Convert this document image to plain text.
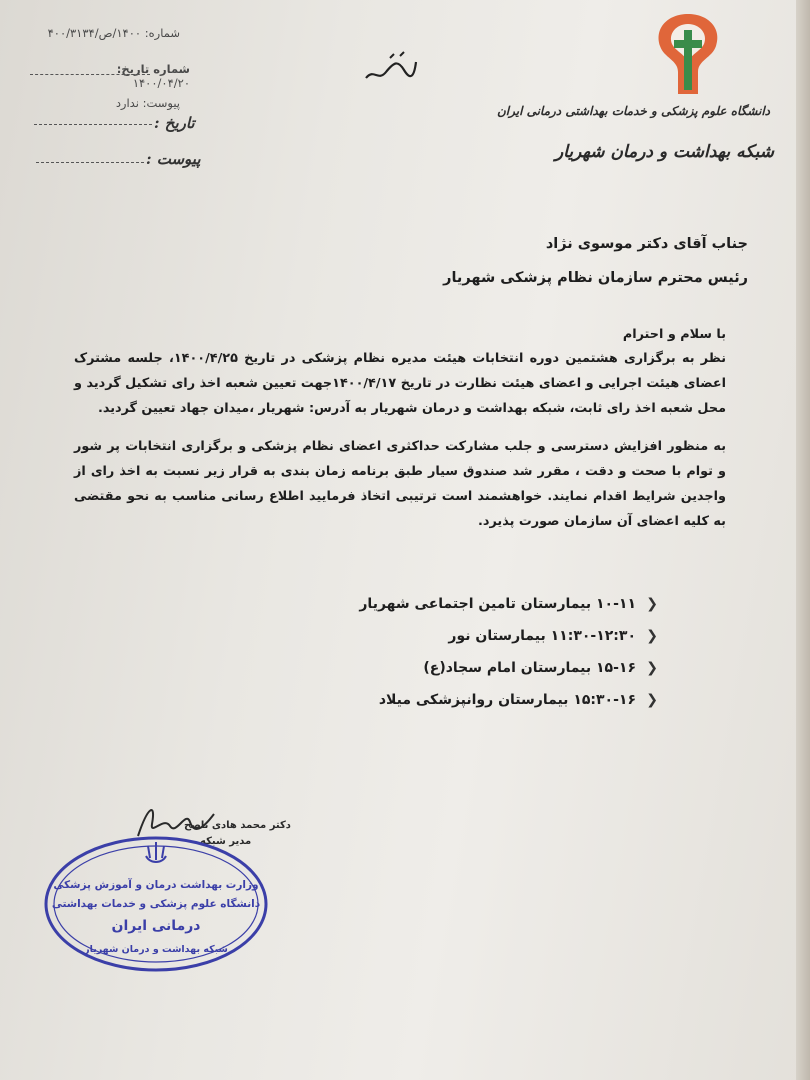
شماره: ۱۴۰۰/ص/۴۰۰/۳۱۳۴
شماره تاریخ: ۱۴۰۰/۰۴/۲۰
پیوست: ندارد
تاریخ :
پیوست :
دانشگاه علوم پزشکی و خدمات بهداشتی درمانی ایران
شبکه بهداشت و درمان شهریار
جناب آقای دکتر موسوی نژاد
رئیس محترم سازمان نظام پزشکی شهریار

با سلام و احترام

نظر به برگزاری هشتمین دوره انتخابات هیئت مدیره نظام پزشکی در تاریخ ۱۴۰۰/۴/۲۵، جلسه مشترک اعضای هیئت اجرایی و اعضای هیئت نظارت در تاریخ ۱۴۰۰/۴/۱۷جهت تعیین شعبه اخذ رای تشکیل گردید و محل شعبه اخذ رای ثابت، شبکه بهداشت و درمان شهریار به آدرس: شهریار ،میدان جهاد تعیین گردید.

به منظور افزایش دسترسی و جلب مشارکت حداکثری اعضای نظام پزشکی و برگزاری انتخابات پر شور و توام با صحت و دقت ، مقرر شد صندوق سیار طبق برنامه زمان بندی به قرار زیر نسبت به اخذ رای از واجدین شرایط اقدام نمایند. خواهشمند است ترتیبی اتخاذ فرمایید اطلاع رسانی مناسب به نحو مقتضی به کلیه اعضای آن سازمان صورت پذیرد.

❮
۱۰-۱۱ بیمارستان تامین اجتماعی شهریار
❮
۱۱:۳۰-۱۲:۳۰ بیمارستان نور
❮
۱۵-۱۶ بیمارستان امام سجاد(ع)
❮
۱۵:۳۰-۱۶ بیمارستان روانپزشکی میلاد
دکتر محمد هادی ناصح
مدیر شبکه
وزارت بهداشت درمان و آموزش پزشکی
دانشگاه علوم پزشکی و خدمات بهداشتی
درمانی ایران
شبکه بهداشت و درمان شهریار
